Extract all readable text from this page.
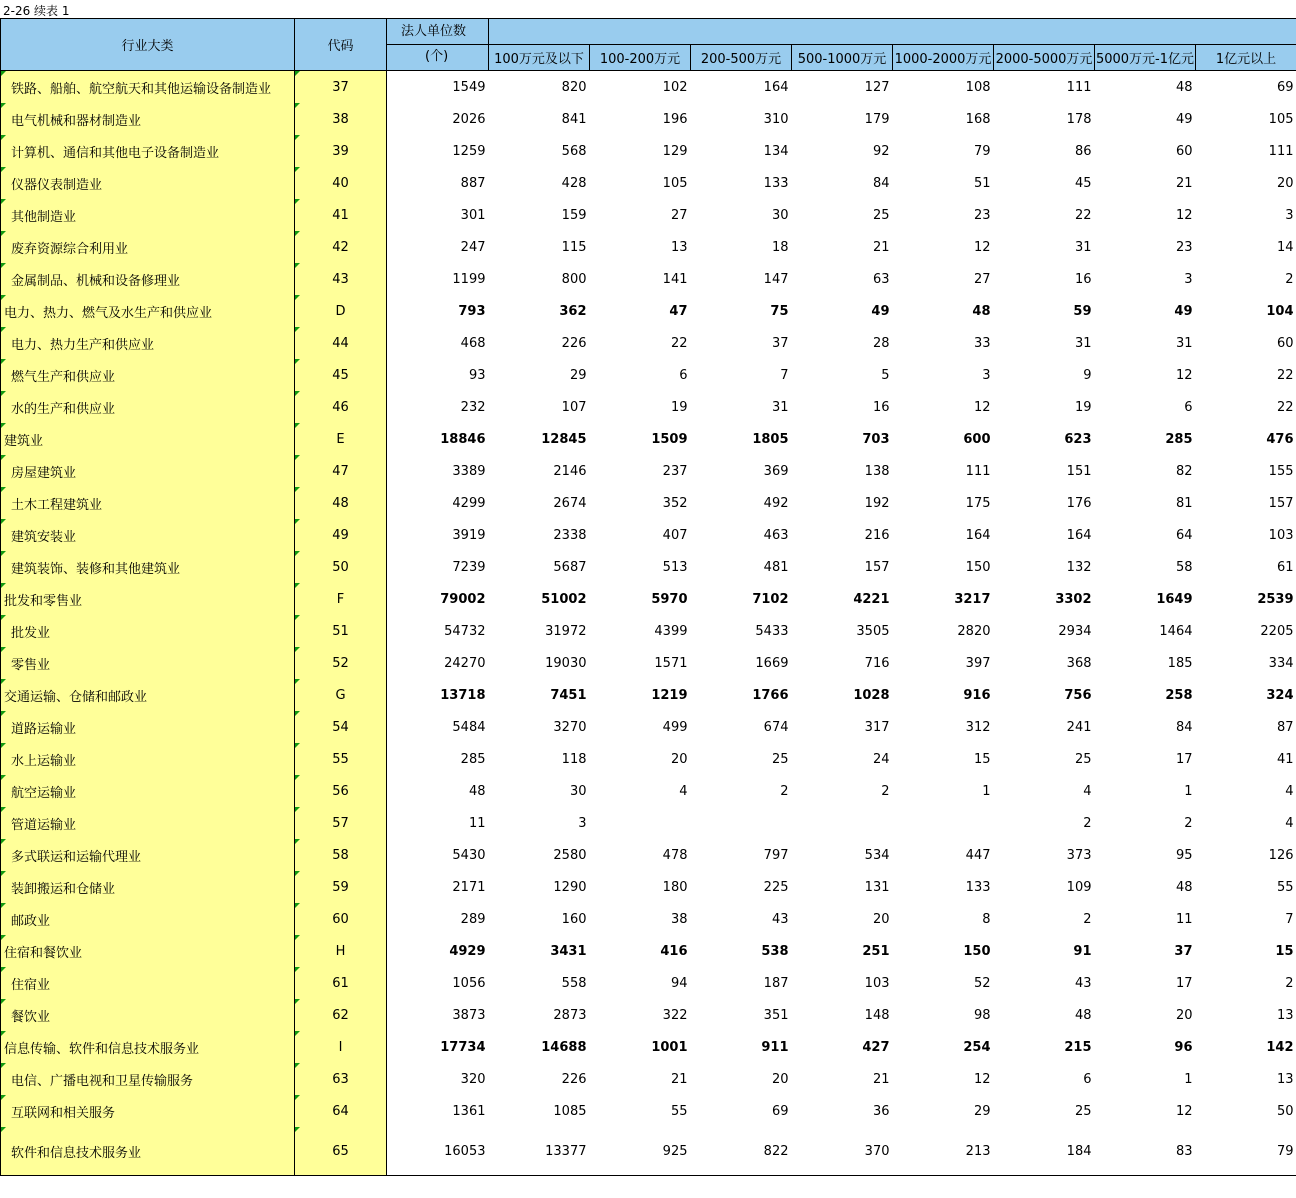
2-26 续表 1
行业大类	代码	法人单位数								
		(个)	100万元及以下	100-200万元	200-500万元	500-1000万元	1000-2000万元	2000-5000万元	5000万元-1亿元	1亿元以上
铁路、船舶、航空航天和其他运输设备制造业	37	1549	820	102	164	127	108	111	48	69
电气机械和器材制造业	38	2026	841	196	310	179	168	178	49	105
计算机、通信和其他电子设备制造业	39	1259	568	129	134	92	79	86	60	111
仪器仪表制造业	40	887	428	105	133	84	51	45	21	20
其他制造业	41	301	159	27	30	25	23	22	12	3
废弃资源综合利用业	42	247	115	13	18	21	12	31	23	14
金属制品、机械和设备修理业	43	1199	800	141	147	63	27	16	3	2
电力、热力、燃气及水生产和供应业	D	793	362	47	75	49	48	59	49	104
电力、热力生产和供应业	44	468	226	22	37	28	33	31	31	60
燃气生产和供应业	45	93	29	6	7	5	3	9	12	22
水的生产和供应业	46	232	107	19	31	16	12	19	6	22
建筑业	E	18846	12845	1509	1805	703	600	623	285	476
房屋建筑业	47	3389	2146	237	369	138	111	151	82	155
土木工程建筑业	48	4299	2674	352	492	192	175	176	81	157
建筑安装业	49	3919	2338	407	463	216	164	164	64	103
建筑装饰、装修和其他建筑业	50	7239	5687	513	481	157	150	132	58	61
批发和零售业	F	79002	51002	5970	7102	4221	3217	3302	1649	2539
批发业	51	54732	31972	4399	5433	3505	2820	2934	1464	2205
零售业	52	24270	19030	1571	1669	716	397	368	185	334
交通运输、仓储和邮政业	G	13718	7451	1219	1766	1028	916	756	258	324
道路运输业	54	5484	3270	499	674	317	312	241	84	87
水上运输业	55	285	118	20	25	24	15	25	17	41
航空运输业	56	48	30	4	2	2	1	4	1	4
管道运输业	57	11	3					2	2	4
多式联运和运输代理业	58	5430	2580	478	797	534	447	373	95	126
装卸搬运和仓储业	59	2171	1290	180	225	131	133	109	48	55
邮政业	60	289	160	38	43	20	8	2	11	7
住宿和餐饮业	H	4929	3431	416	538	251	150	91	37	15
住宿业	61	1056	558	94	187	103	52	43	17	2
餐饮业	62	3873	2873	322	351	148	98	48	20	13
信息传输、软件和信息技术服务业	I	17734	14688	1001	911	427	254	215	96	142
电信、广播电视和卫星传输服务	63	320	226	21	20	21	12	6	1	13
互联网和相关服务	64	1361	1085	55	69	36	29	25	12	50
软件和信息技术服务业	65	16053	13377	925	822	370	213	184	83	79
